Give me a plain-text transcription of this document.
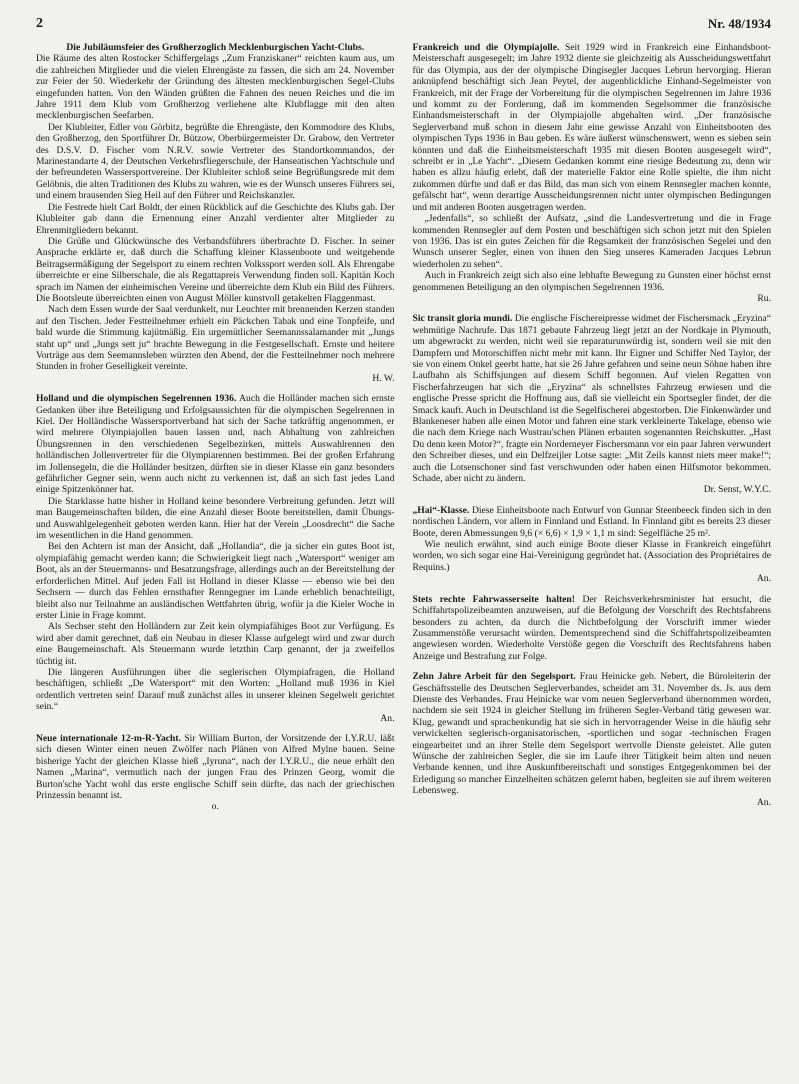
2	Nr. 48/1934

Die Jubiläumsfeier des Großherzoglich Mecklenburgischen Yacht-Clubs.

Die Räume des alten Rostocker Schiffergelags „Zum Franziskaner“ reichten kaum aus, um die zahlreichen Mitglieder und die vielen Ehrengäste zu fassen, die sich am 24. November zur Feier der 50. Wiederkehr der Gründung des ältesten mecklenburgischen Segel-Clubs eingefunden hatten. Von den Wänden grüßten die Fahnen des neuen Reiches und die im Jahre 1911 dem Klub vom Großherzog verliehene alte Klubflagge mit den alten mecklenburgischen Seefarben.

Der Klubleiter, Edler von Görbitz, begrüßte die Ehrengäste, den Kommodore des Klubs, den Großherzog, den Sportführer Dr. Bützow, Oberbürgermeister Dr. Grabow, den Vertreter des D.S.V. D. Fischer vom N.R.V. sowie Vertreter des Standortkommandos, der Marinestandarte 4, der Deutschen Verkehrsfliegerschule, der Hanseatischen Yachtschule und der befreundeten Wassersportvereine. Der Klubleiter schloß seine Begrüßungsrede mit dem Gelöbnis, die alten Traditionen des Klubs zu wahren, wie es der Wunsch unseres Führers sei, und einem brausenden Sieg Heil auf den Führer und Reichskanzler.

Die Festrede hielt Carl Boldt, der einen Rückblick auf die Geschichte des Klubs gab. Der Klubleiter gab dann die Ernennung einer Anzahl verdienter alter Mitglieder zu Ehrenmitgliedern bekannt.

Die Grüße und Glückwünsche des Verbandsführers überbrachte D. Fischer. In seiner Ansprache erklärte er, daß durch die Schaffung kleiner Klassenboote und weitgehende Beitragsermäßigung der Segelsport zu einem rechten Volkssport werden soll. Als Ehrengabe überreichte er eine Silberschale, die als Regattapreis Verwendung finden soll. Kapitän Koch sprach im Namen der einheimischen Vereine und überreichte dem Klub ein Bild des Führers. Die Bootsleute überreichten einen von August Möller kunstvoll getakelten Flaggenmast.

Nach dem Essen wurde der Saal verdunkelt, nur Leuchter mit brennenden Kerzen standen auf den Tischen. Jeder Festteilnehmer erhielt ein Päckchen Tabak und eine Tonpfeife, und bald wurde die Stimmung kajütmäßig. Ein urgemütlicher Seemannssalamander mit „Jungs staht up“ und „Jungs sett ju“ brachte Bewegung in die Festgesellschaft. Ernste und heitere Vorträge aus dem Seemannsleben würzten den Abend, der die Festteilnehmer noch mehrere Stunden in froher Geselligkeit vereinte.

H. W.

Holland und die olympischen Segelrennen 1936. Auch die Holländer machen sich ernste Gedanken über ihre Beteiligung und Erfolgsaussichten für die olympischen Segelrennen in Kiel. Der Holländische Wassersportverband hat sich der Sache tatkräftig angenommen, er wird mehrere Olympiajollen bauen lassen und, nach Abhaltung von zahlreichen Übungsrennen in den verschiedenen Segelbezirken, mittels Auswahlrennen den holländischen Jollenvertreter für die Olympiarennen bestimmen. Bei der großen Erfahrung im Jollensegeln, die die Holländer besitzen, dürften sie in dieser Klasse ein ganz besonders gefährlicher Gegner sein, wenn auch nicht zu verkennen ist, daß an sich fast jedes Land einige Spitzenkönner hat.

Die Starklasse hatte bisher in Holland keine besondere Verbreitung gefunden. Jetzt will man Baugemeinschaften bilden, die eine Anzahl dieser Boote bereitstellen, damit Übungs- und Auswahlgelegenheit geboten werden kann. Hier hat der Verein „Loosdrecht“ die Sache im wesentlichen in die Hand genommen.

Bei den Achtern ist man der Ansicht, daß „Hollandia“, die ja sicher ein gutes Boot ist, olympiafähig gemacht werden kann; die Schwierigkeit liegt nach „Watersport“ weniger am Boot, als an der Steuermanns- und Besatzungsfrage, allerdings auch an der Bereitstellung der erforderlichen Mittel. Auf jeden Fall ist Holland in dieser Klasse — ebenso wie bei den Sechsern — durch das Fehlen ernsthafter Renngegner im Lande erheblich benachteiligt, bleibt also nur Teilnahme an ausländischen Wettfahrten übrig, wofür ja die Kieler Woche in erster Linie in Frage kommt.

Als Sechser steht den Holländern zur Zeit kein olympiafähiges Boot zur Verfügung. Es wird aber damit gerechnet, daß ein Neubau in dieser Klasse aufgelegt wird und zwar durch eine Baugemeinschaft. Als Steuermann wurde letzthin Carp genannt, der ja zweifellos tüchtig ist.

Die längeren Ausführungen über die seglerischen Olympiafragen, die Holland beschäftigen, schließt „De Watersport“ mit den Worten: „Holland muß 1936 in Kiel ordentlich vertreten sein! Darauf muß zunächst alles in unserer kleinen Segelwelt gerichtet sein.“

An.

Neue internationale 12-m-R-Yacht. Sir William Burton, der Vorsitzende der I.Y.R.U. läßt sich diesen Winter einen neuen Zwölfer nach Plänen von Alfred Mylne bauen. Seine bisherige Yacht der gleichen Klasse hieß „Iyruna“, nach der I.Y.R.U., die neue erhält den Namen „Marina“, vermutlich nach der jungen Frau des Prinzen Georg, womit die Burton'sche Yacht wohl das erste englische Schiff sein dürfte, das nach der griechischen Prinzessin benannt ist.

o.

Frankreich und die Olympiajolle. Seit 1929 wird in Frankreich eine Einhandsboot-Meisterschaft ausgesegelt; im Jahre 1932 diente sie gleichzeitig als Ausscheidungswettfahrt für das Olympia, aus der der olympische Dingisegler Jacques Lebrun hervorging. Hieran anknüpfend beschäftigt sich Jean Peytel, der augenblickliche Einhand-Segelmeister von Frankreich, mit der Frage der Vorbereitung für die olympischen Segelrennen im Jahre 1936 und kommt zu der Forderung, daß im kommenden Segelsommer die französische Einhandsmeisterschaft in der Olympiajolle abgehalten wird. „Der französische Seglerverband muß schon in diesem Jahr eine gewisse Anzahl von Einheitsbooten des olympischen Typs 1936 in Bau geben. Es wäre äußerst wünschenswert, wenn es sieben sein könnten und daß die Einheitsmeisterschaft 1935 mit diesen Booten ausgesegelt wird“, schreibt er in „Le Yacht“. „Diesem Gedanken kommt eine riesige Bedeutung zu, denn wir haben es allzu häufig erlebt, daß der materielle Faktor eine Rolle spielte, die ihm nicht zukommen dürfte und daß er das Bild, das man sich von einem Rennsegler machen konnte, gefälscht hat“, wenn derartige Ausscheidungsrennen nicht unter olympischen Bedingungen und mit anderen Booten ausgetragen werden.

„Jedenfalls“, so schließt der Aufsatz, „sind die Landesvertretung und die in Frage kommenden Rennsegler auf dem Posten und beschäftigen sich schon jetzt mit den Spielen von 1936. Das ist ein gutes Zeichen für die Regsamkeit der französischen Segelei und den Wunsch unserer Segler, einen von ihnen den Sieg unseres Kameraden Jacques Lebrun wiederholen zu sehen“.

Auch in Frankreich zeigt sich also eine lebhafte Bewegung zu Gunsten einer höchst ernst genommenen Beteiligung an den olympischen Segelrennen 1936.

Ru.

Sic transit gloria mundi. Die englische Fischereipresse widmet der Fischersmack „Eryzina“ wehmütige Nachrufe. Das 1871 gebaute Fahrzeug liegt jetzt an der Nordkaje in Plymouth, um abgewrackt zu werden, nicht weil sie reparaturunwürdig ist, sondern weil sie mit den Dampfern und Motorschiffen nicht mehr mit kann. Ihr Eigner und Schiffer Ned Taylor, der sie von einem Onkel geerbt hatte, hat sie 26 Jahre gefahren und seine neun Söhne haben ihre Laufbahn als Schiffsjungen auf diesem Schiff begonnen. Auf vielen Regatten von Fischerfahrzeugen hat sich die „Eryzina“ als schnellstes Fahrzeug erwiesen und die englische Presse spricht die Hoffnung aus, daß sie vielleicht ein Sportsegler findet, der die Smack kauft. Auch in Deutschland ist die Segelfischerei abgestorben. Die Finkenwärder und Blankeneser haben alle einen Motor und fahren eine stark verkleinerte Takelage, ebenso wie die nach dem Kriege nach Wustrau'schen Plänen erbauten sogenannten Reichskutter. „Hast Du denn keen Motor?“, fragte ein Norderneyer Fischersmann vor ein paar Jahren verwundert den Schreiber dieses, und ein Delfzeijler Lotse sagte: „Mit Zeils kannst niets meer make!“; auch die Lotsenschoner sind fast verschwunden oder haben einen Hilfsmotor bekommen. Schade, aber nicht zu ändern.

Dr. Senst, W.Y.C.

„Hai“-Klasse. Diese Einheitsboote nach Entwurf von Gunnar Steenbeeck finden sich in den nordischen Ländern, vor allem in Finnland und Estland. In Finnland gibt es bereits 23 dieser Boote, deren Abmessungen 9,6 (× 6,6) × 1,9 × 1,1 m sind: Segelfläche 25 m².

Wie neulich erwähnt, sind auch einige Boote dieser Klasse in Frankreich eingeführt worden, wo sich sogar eine Hai-Vereinigung gegründet hat. (Association des Propriétaires de Requins.)

An.

Stets rechte Fahrwasserseite halten! Der Reichsverkehrsminister hat ersucht, die Schiffahrtspolizeibeamten anzuweisen, auf die Befolgung der Vorschrift des Rechtsfahrens besonders zu achten, da durch die Nichtbefolgung der Vorschrift immer wieder Zusammenstöße verursacht würden. Dementsprechend sind die Schiffahrtspolizeibeamten angewiesen worden. Wiederholte Verstöße gegen die Vorschrift des Rechtsfahrens haben Anzeige und Bestrafung zur Folge.

Zehn Jahre Arbeit für den Segelsport. Frau Heinicke geb. Nebert, die Büroleiterin der Geschäftsstelle des Deutschen Seglerverbandes, scheidet am 31. November ds. Js. aus dem Dienste des Verbandes. Frau Heinicke war vom neuen Seglerverband übernommen worden, nachdem sie seit 1924 in gleicher Stellung im früheren Segler-Verband tätig gewesen war. Klug, gewandt und sprachenkundig hat sie sich in hervorragender Weise in die häufig sehr verwickelten seglerisch-organisatorischen, -sportlichen und sogar -technischen Fragen eingearbeitet und an ihrer Stelle dem Segelsport wertvolle Dienste geleistet. Alle guten Wünsche der zahlreichen Segler, die sie im Laufe ihrer Tätigkeit beim alten und neuen Verbande kennen, und ihre Auskunftbereitschaft und sonstiges Entgegenkommen bei der Erledigung so mancher Einzelheiten schätzen gelernt haben, begleiten sie auf ihrem weiteren Lebensweg.

An.
